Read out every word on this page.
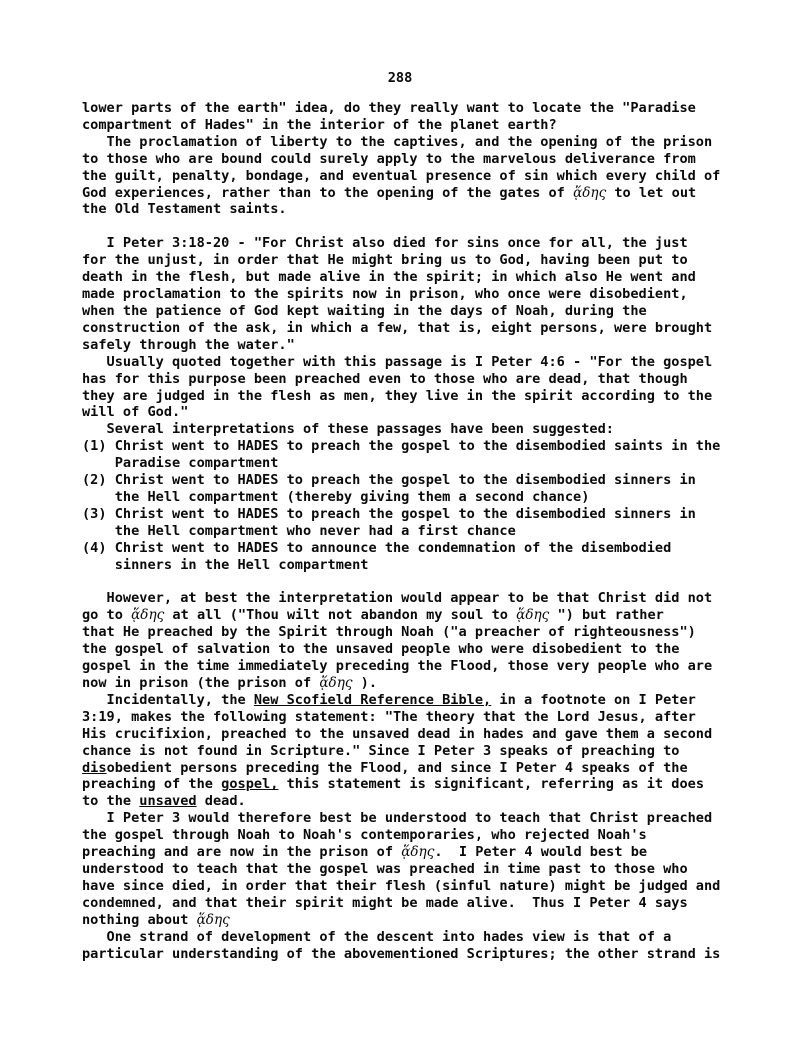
288
lower parts of the earth" idea, do they really want to locate the "Paradise
compartment of Hades" in the interior of the planet earth?
The proclamation of liberty to the captives, and the opening of the prison
to those who are bound could surely apply to the marvelous deliverance from
the guilt, penalty, bondage, and eventual presence of sin which every child of
God experiences, rather than to the opening of the gates of ᾅδης to let out
the Old Testament saints.
I Peter 3:18-20 - "For Christ also died for sins once for all, the just
for the unjust, in order that He might bring us to God, having been put to
death in the flesh, but made alive in the spirit; in which also He went and
made proclamation to the spirits now in prison, who once were disobedient,
when the patience of God kept waiting in the days of Noah, during the
construction of the ask, in which a few, that is, eight persons, were brought
safely through the water."
Usually quoted together with this passage is I Peter 4:6 - "For the gospel
has for this purpose been preached even to those who are dead, that though
they are judged in the flesh as men, they live in the spirit according to the
will of God."
Several interpretations of these passages have been suggested:
(1) Christ went to HADES to preach the gospel to the disembodied saints in the
Paradise compartment
(2) Christ went to HADES to preach the gospel to the disembodied sinners in
the Hell compartment (thereby giving them a second chance)
(3) Christ went to HADES to preach the gospel to the disembodied sinners in
the Hell compartment who never had a first chance
(4) Christ went to HADES to announce the condemnation of the disembodied
sinners in the Hell compartment
However, at best the interpretation would appear to be that Christ did not
go to ᾅδης at all ("Thou wilt not abandon my soul to ᾅδης ") but rather
that He preached by the Spirit through Noah ("a preacher of righteousness")
the gospel of salvation to the unsaved people who were disobedient to the
gospel in the time immediately preceding the Flood, those very people who are
now in prison (the prison of ᾅδης ).
Incidentally, the New Scofield Reference Bible, in a footnote on I Peter
3:19, makes the following statement: "The theory that the Lord Jesus, after
His crucifixion, preached to the unsaved dead in hades and gave them a second
chance is not found in Scripture." Since I Peter 3 speaks of preaching to
disobedient persons preceding the Flood, and since I Peter 4 speaks of the
preaching of the gospel, this statement is significant, referring as it does
to the unsaved dead.
I Peter 3 would therefore best be understood to teach that Christ preached
the gospel through Noah to Noah's contemporaries, who rejected Noah's
preaching and are now in the prison of ᾅδης.  I Peter 4 would best be
understood to teach that the gospel was preached in time past to those who
have since died, in order that their flesh (sinful nature) might be judged and
condemned, and that their spirit might be made alive.  Thus I Peter 4 says
nothing about ᾅδης
One strand of development of the descent into hades view is that of a
particular understanding of the abovementioned Scriptures; the other strand is
